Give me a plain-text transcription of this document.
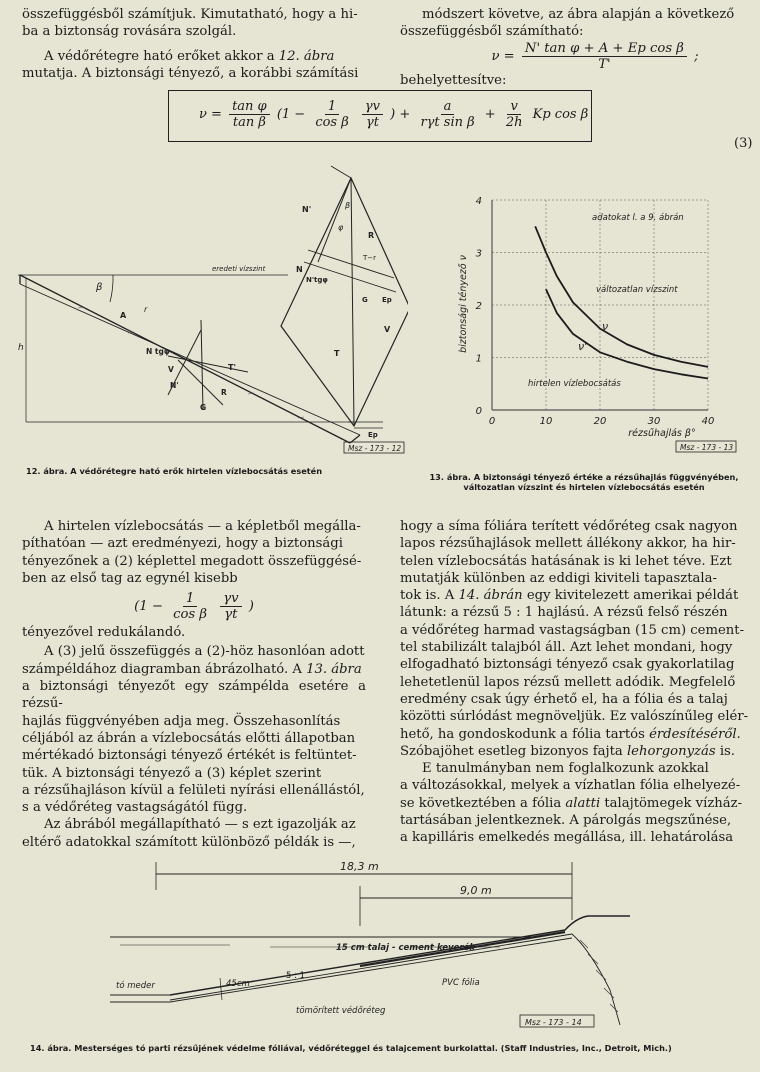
összefüggésből számítjuk. Kimutatható, hogy a hi-

ba a biztonság rovására szolgál.

A védőrétegre ható erőket akkor a 12. ábra

mutatja. A biztonsági tényező, a korábbi számítási

módszert követve, az ábra alapján a következő

összefüggésből számítható:

$\nu = \frac{\text{N' tan φ + A + Ep cos β}}{T'}$ ;

behelyettesítve:

$\nu = \frac{\text{tan φ}}{\text{tan β}} (1 - \frac{1}{\text{cos β}}$
$\frac{\gamma v}{\gamma t}$ ) + $\frac{a}{\text{rγt sin β}} + \frac{v}{2h}$ Kp cos β
(3)
eredeti vízszint
β
h
A
r
N tgφ
V
N'
T'
G
R
Ep
N'
φ
β
R
T−r
N
N'tgφ
G Ep
V
T
Msz - 173 - 12
12. ábra. A védőrétegre ható erők hirtelen vízlebocsátás esetén
0
1
2
3
4
0	10	20	30	40
biztonsági tényező ν
rézsűhajlás β°
adatokat l. a 9. ábrán
ν
ν'
változatlan vízszint
hirtelen vízlebocsátás
Msz - 173 - 13
13. ábra. A biztonsági tényező értéke a rézsűhajlás függvényében,
változatlan vízszint és hirtelen vízlebocsátás esetén

A hirtelen vízlebocsátás — a képletből megálla-

píthatóan — azt eredményezi, hogy a biztonsági

tényezőnek a (2) képlettel megadott összefüggésé-

ben az első tag az egynél kisebb

($1 - \frac{1}{\text{cos β}}$
$\frac{\gamma v}{\gamma t}$ )

tényezővel redukálandó.

A (3) jelű összefüggés a (2)-höz hasonlóan adott

számpéldához diagramban ábrázolható. A 13. ábra

a biztonsági tényezőt egy számpélda esetére a rézsű-

hajlás függvényében adja meg. Összehasonlítás

céljából az ábrán a vízlebocsátás előtti állapotban

mértékadó biztonsági tényező értékét is feltüntet-

tük. A biztonsági tényező a (3) képlet szerint

a rézsűhajláson kívül a felületi nyírási ellenállástól,

s a védőréteg vastagságától függ.

Az ábrából megállapítható — s ezt igazolják az

eltérő adatokkal számított különböző példák is —,

hogy a síma fóliára terített védőréteg csak nagyon

lapos rézsűhajlások mellett állékony akkor, ha hir-

telen vízlebocsátás hatásának is ki lehet téve. Ezt

mutatják különben az eddigi kiviteli tapasztala-

tok is. A 14. ábrán egy kivitelezett amerikai példát

látunk: a rézsű 5 : 1 hajlású. A rézsű felső részén

a védőréteg harmad vastagságban (15 cm) cement-

tel stabilizált talajból áll. Azt lehet mondani, hogy

elfogadható biztonsági tényező csak gyakorlatilag

lehetetlenül lapos rézsű mellett adódik. Megfelelő

eredmény csak úgy érhető el, ha a fólia és a talaj

közötti súrlódást megnöveljük. Ez valószínűleg elér-

hető, ha gondoskodunk a fólia tartós érdesítéséről.

Szóbajöhet esetleg bizonyos fajta lehorgonyzás is.

E tanulmányban nem foglalkozunk azokkal

a változásokkal, melyek a vízhatlan fólia elhelyezé-

se következtében a fólia alatti talajtömegek vízház-

tartásában jelentkeznek. A párolgás megszűnése,

a kapilláris emelkedés megállása, ill. lehatárolása

18,3 m
9,0 m
15 cm talaj - cement keverék
tó meder	45cm
5 : 1
PVC fólia
tömörített védőréteg
Msz - 173 - 14
14. ábra. Mesterséges tó parti rézsűjének védelme fóliával, védőréteggel és talajcement burkolattal. (Staff Industries, Inc., Detroit, Mich.)
